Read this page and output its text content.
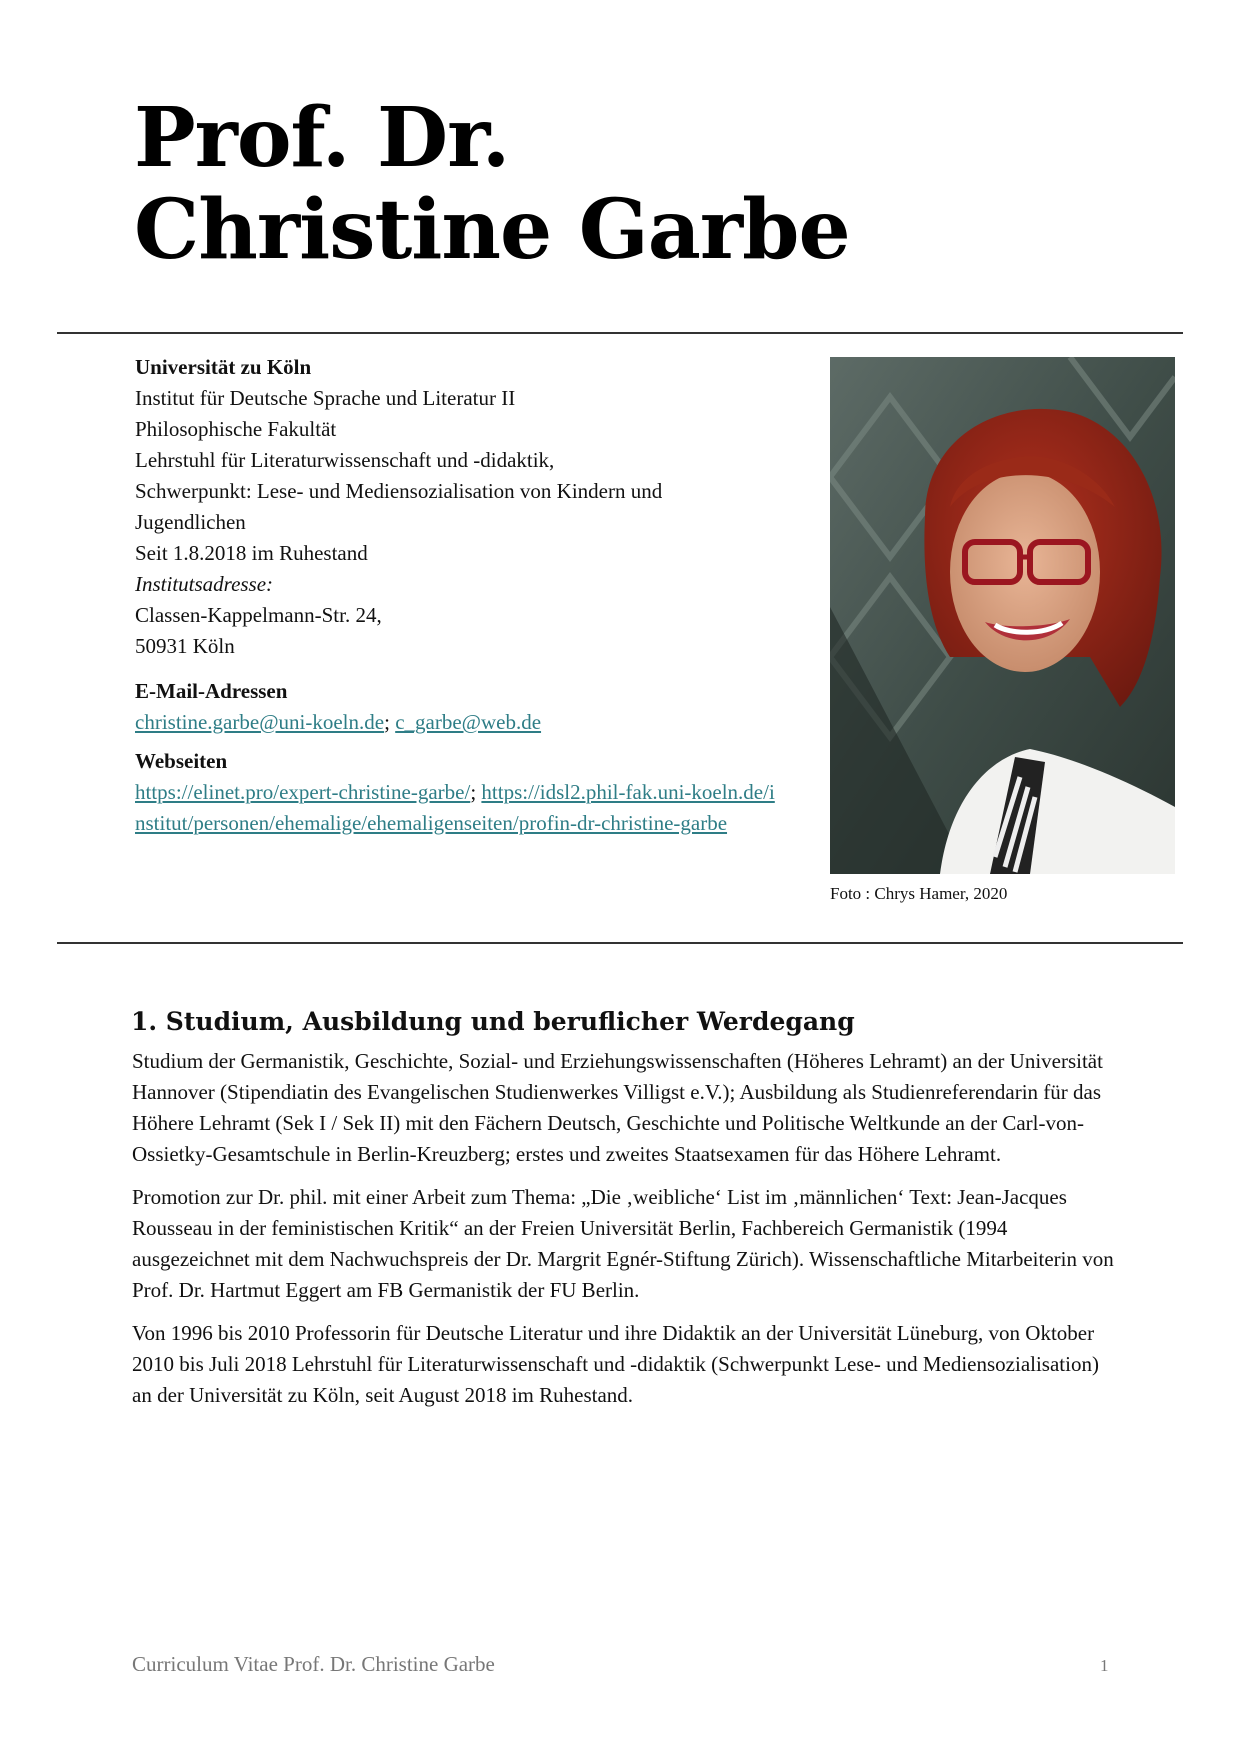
Prof. Dr.
Christine Garbe
Universität zu Köln
Institut für Deutsche Sprache und Literatur II
Philosophische Fakultät
Lehrstuhl für Literaturwissenschaft und -didaktik,
Schwerpunkt: Lese- und Mediensozialisation von Kindern und Jugendlichen
Seit 1.8.2018 im Ruhestand
Institutsadresse:
Classen-Kappelmann-Str. 24,
50931 Köln
E-Mail-Adressen
christine.garbe@uni-koeln.de; c_garbe@web.de
Webseiten
https://elinet.pro/expert-christine-garbe/; https://idsl2.phil-fak.uni-koeln.de/institut/personen/ehemalige/ehemaligenseiten/profin-dr-christine-garbe
Foto : Chrys Hamer, 2020
1. Studium, Ausbildung und beruflicher Werdegang

Studium der Germanistik, Geschichte, Sozial- und Erziehungswissenschaften (Höheres Lehramt) an der Universität Hannover (Stipendiatin des Evangelischen Studienwerkes Villigst e.V.); Ausbildung als Studienreferendarin für das Höhere Lehramt (Sek I / Sek II) mit den Fächern Deutsch, Geschichte und Politische Weltkunde an der Carl-von-Ossietky-Gesamtschule in Berlin-Kreuzberg; erstes und zweites Staatsexamen für das Höhere Lehramt.

Promotion zur Dr. phil. mit einer Arbeit zum Thema: „Die ‚weibliche‘ List im ‚männlichen‘ Text: Jean-Jacques Rousseau in der feministischen Kritik“ an der Freien Universität Berlin, Fachbereich Germanistik (1994 ausgezeichnet mit dem Nachwuchspreis der Dr. Margrit Egnér-Stiftung Zürich). Wissenschaftliche Mitarbeiterin von Prof. Dr. Hartmut Eggert am FB Germanistik der FU Berlin.

Von 1996 bis 2010 Professorin für Deutsche Literatur und ihre Didaktik an der Universität Lüneburg, von Oktober 2010 bis Juli 2018 Lehrstuhl für Literaturwissenschaft und -didaktik (Schwerpunkt Lese- und Mediensozialisation) an der Universität zu Köln, seit August 2018 im Ruhestand.

Curriculum Vitae Prof. Dr. Christine Garbe	1
